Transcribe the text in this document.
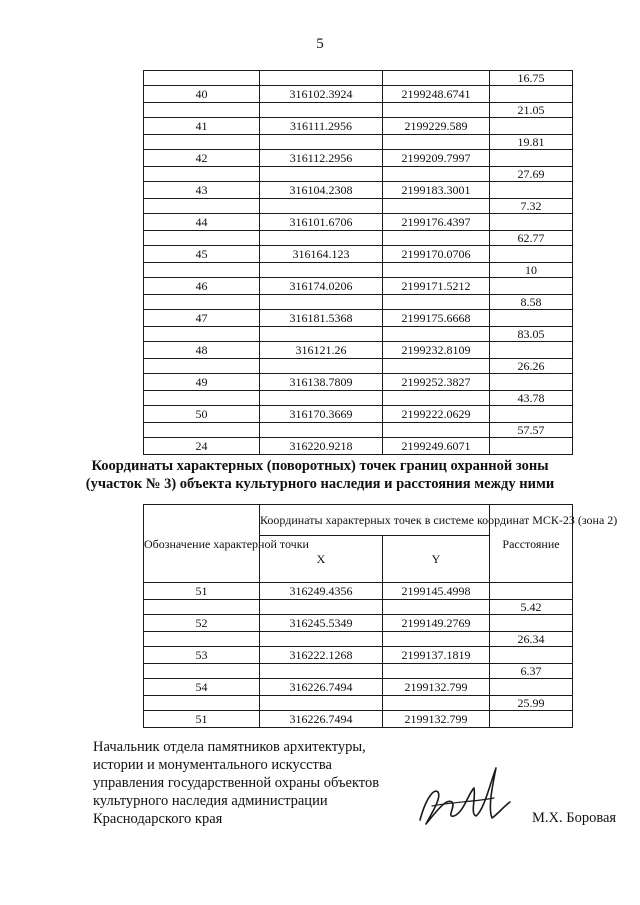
5
			16.75
40	316102.3924	2199248.6741	
			21.05
41	316111.2956	2199229.589	
			19.81
42	316112.2956	2199209.7997	
			27.69
43	316104.2308	2199183.3001	
			7.32
44	316101.6706	2199176.4397	
			62.77
45	316164.123	2199170.0706	
			10
46	316174.0206	2199171.5212	
			8.58
47	316181.5368	2199175.6668	
			83.05
48	316121.26	2199232.8109	
			26.26
49	316138.7809	2199252.3827	
			43.78
50	316170.3669	2199222.0629	
			57.57
24	316220.9218	2199249.6071	
Координаты характерных (поворотных) точек границ охранной зоны
(участок № 3) объекта культурного наследия и расстояния между ними
Обозначение характерной точки	Координаты характерных точек в системе координат МСК-23 (зона 2)		Расстояние
	X	Y	
51	316249.4356	2199145.4998	
			5.42
52	316245.5349	2199149.2769	
			26.34
53	316222.1268	2199137.1819	
			6.37
54	316226.7494	2199132.799	
			25.99
51	316226.7494	2199132.799	
Начальник отдела памятников архитектуры,
истории и монументального искусства
управления государственной охраны объектов
культурного наследия администрации
Краснодарского края	М.Х. Боровая
